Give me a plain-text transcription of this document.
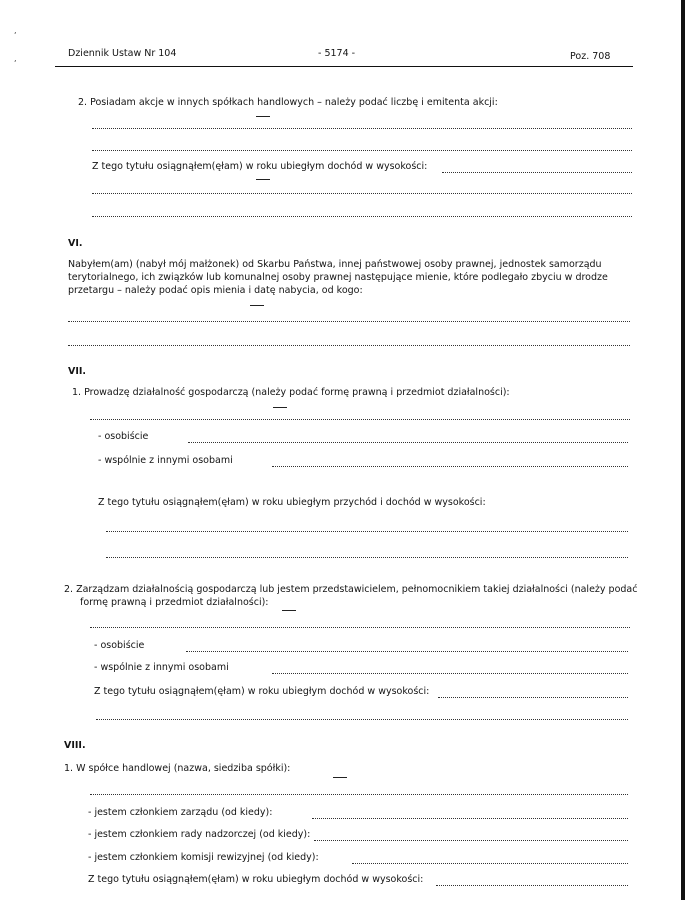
,
,	Dziennik Ustaw Nr 104	- 5174 -	Poz. 708
2. Posiadam akcje w innych spółkach handlowych – należy podać liczbę i emitenta akcji:
Z tego tytułu osiągnąłem(ęłam) w roku ubiegłym dochód w wysokości:
VI.
Nabyłem(am) (nabył mój małżonek) od Skarbu Państwa, innej państwowej osoby prawnej, jednostek samorządu
terytorialnego, ich związków lub komunalnej osoby prawnej następujące mienie, które podlegało zbyciu w drodze
przetargu – należy podać opis mienia i datę nabycia, od kogo:
VII.
1. Prowadzę działalność gospodarczą (należy podać formę prawną i przedmiot działalności):
- osobiście
- wspólnie z innymi osobami
Z tego tytułu osiągnąłem(ęłam) w roku ubiegłym przychód i dochód w wysokości:
2. Zarządzam działalnością gospodarczą lub jestem przedstawicielem, pełnomocnikiem takiej działalności (należy podać
formę prawną i przedmiot działalności):
- osobiście
- wspólnie z innymi osobami
Z tego tytułu osiągnąłem(ęłam) w roku ubiegłym dochód w wysokości:
VIII.
1. W spółce handlowej (nazwa, siedziba spółki):
- jestem członkiem zarządu (od kiedy):
- jestem członkiem rady nadzorczej (od kiedy):
- jestem członkiem komisji rewizyjnej (od kiedy):
Z tego tytułu osiągnąłem(ęłam) w roku ubiegłym dochód w wysokości:
